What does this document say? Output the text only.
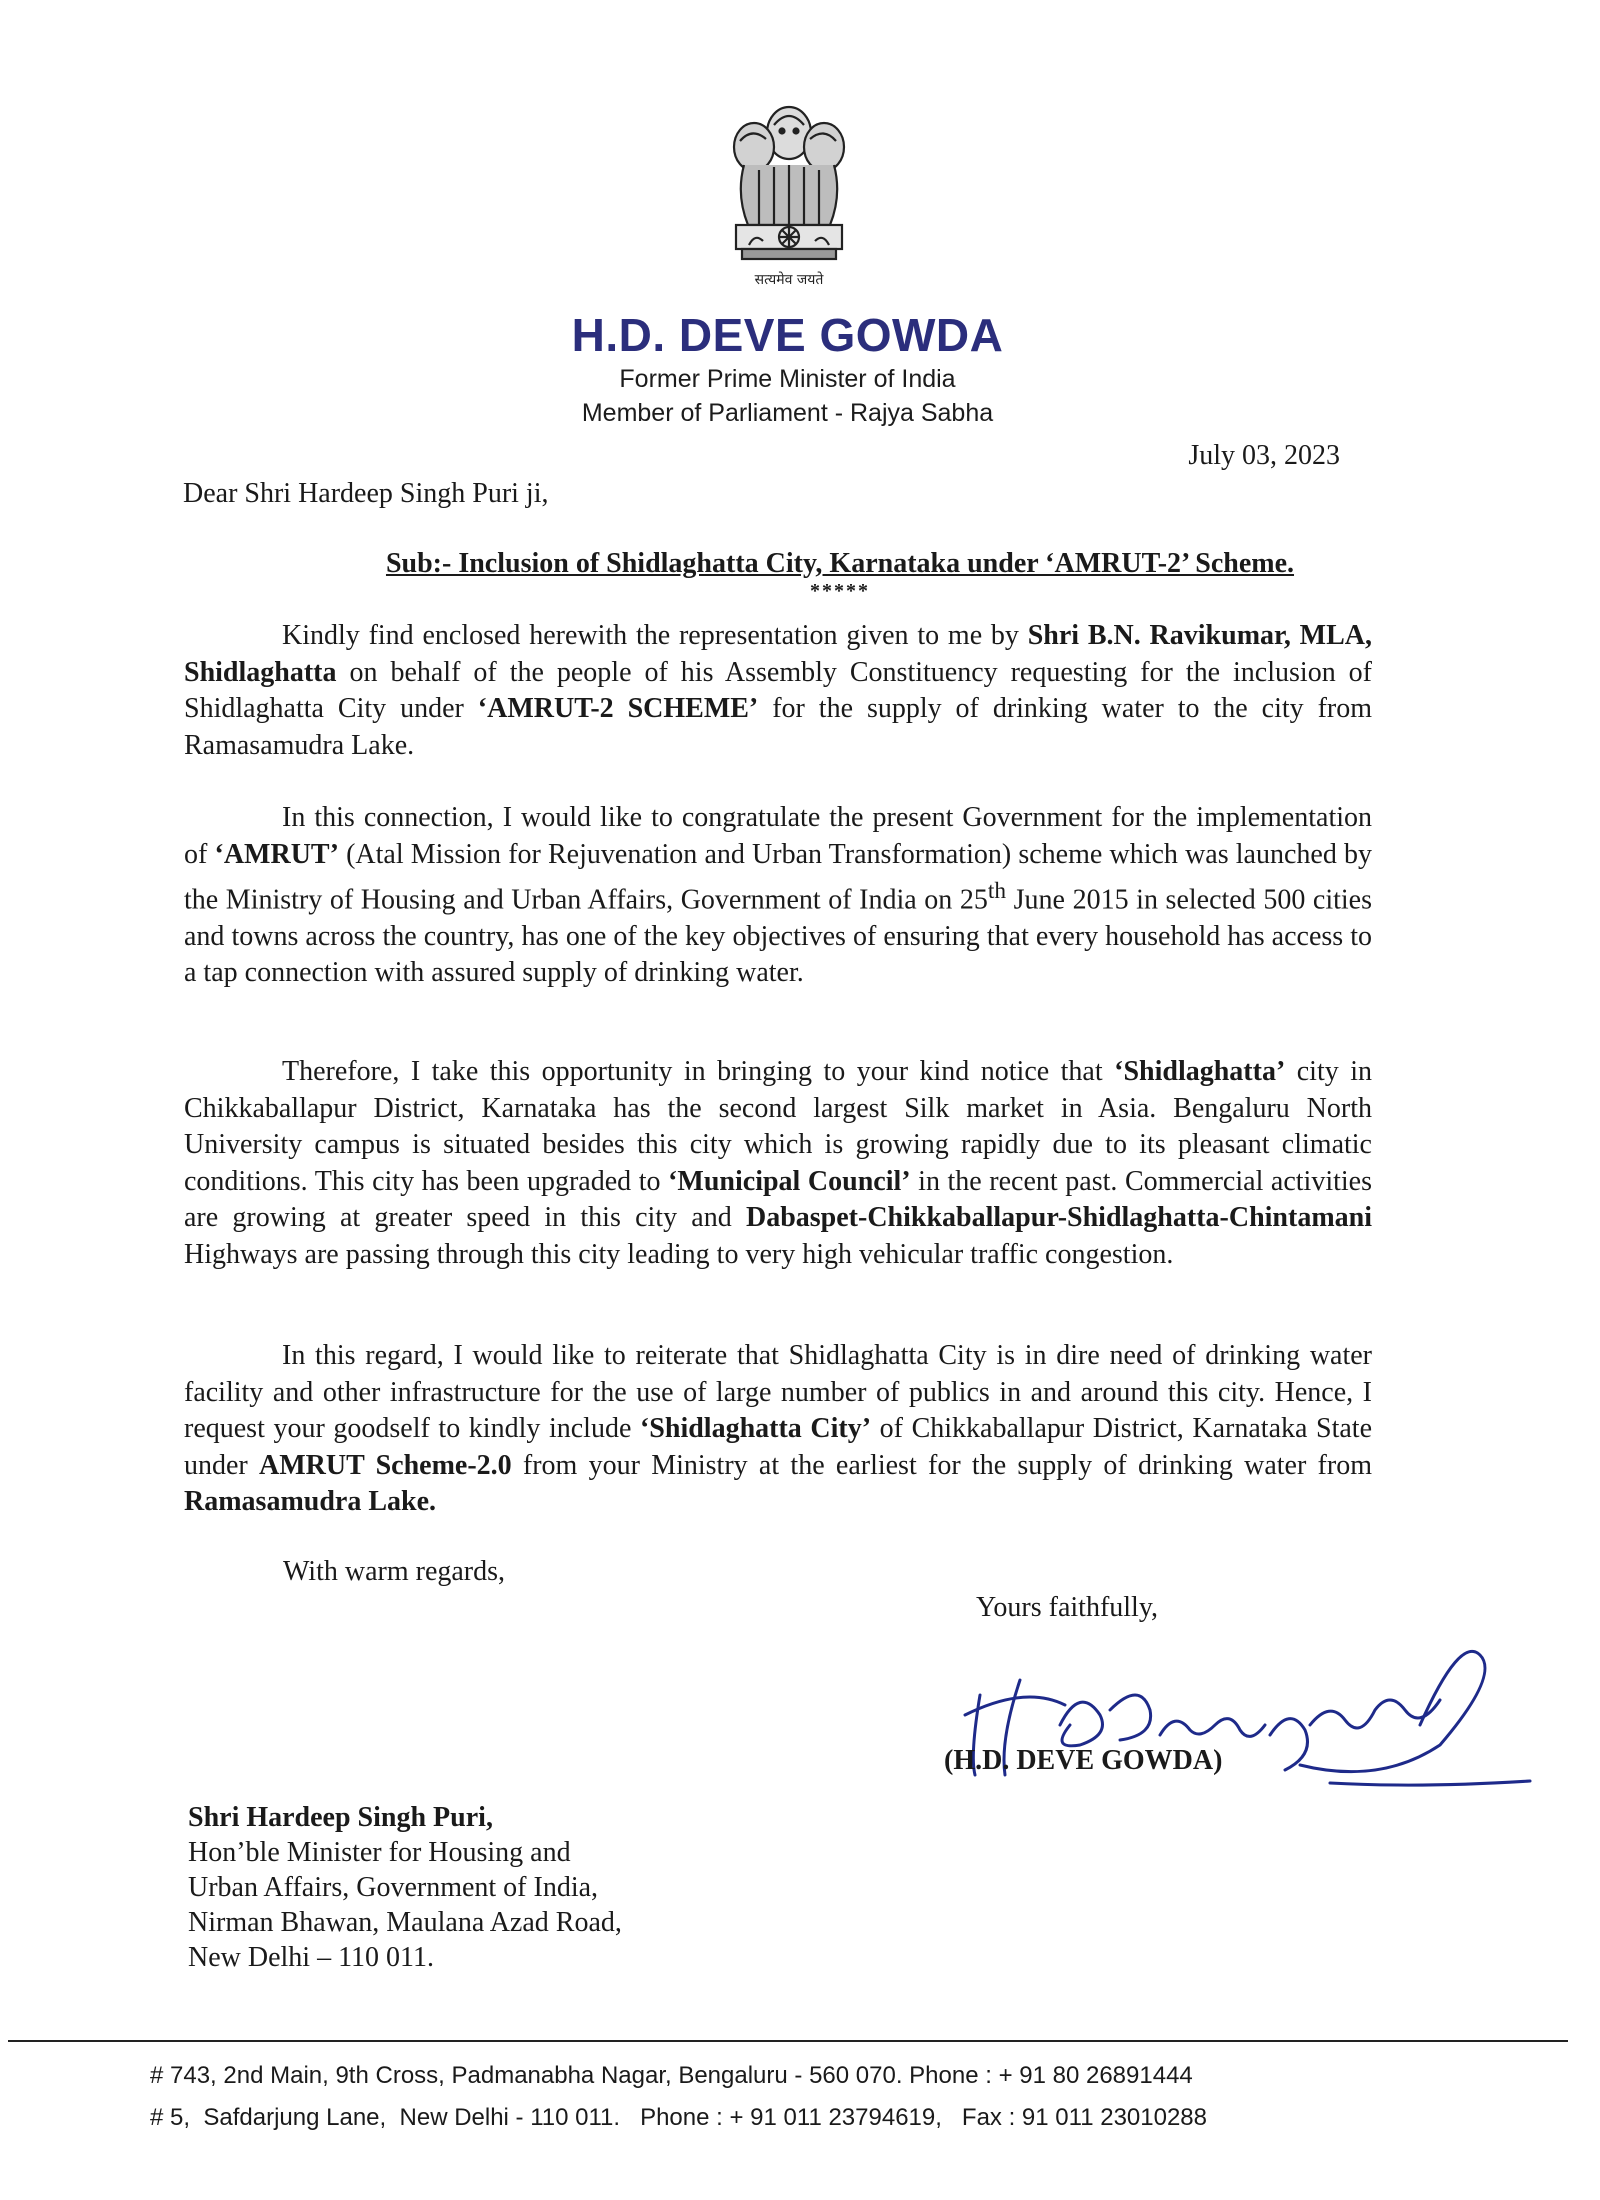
सत्यमेव जयते
H.D. DEVE GOWDA
Former Prime Minister of India
Member of Parliament - Rajya Sabha
July 03, 2023
Dear Shri Hardeep Singh Puri ji,
Sub:- Inclusion of Shidlaghatta City, Karnataka under ‘AMRUT-2’ Scheme.
*****

Kindly find enclosed herewith the representation given to me by Shri B.N. Ravikumar, MLA, Shidlaghatta on behalf of the people of his Assembly Constituency requesting for the inclusion of Shidlaghatta City under ‘AMRUT-2 SCHEME’ for the supply of drinking water to the city from Ramasamudra Lake.

In this connection, I would like to congratulate the present Government for the implementation of ‘AMRUT’ (Atal Mission for Rejuvenation and Urban Transformation) scheme which was launched by the Ministry of Housing and Urban Affairs, Government of India on 25th June 2015 in selected 500 cities and towns across the country, has one of the key objectives of ensuring that every household has access to a tap connection with assured supply of drinking water.

Therefore, I take this opportunity in bringing to your kind notice that ‘Shidlaghatta’ city in Chikkaballapur District, Karnataka has the second largest Silk market in Asia. Bengaluru North University campus is situated besides this city which is growing rapidly due to its pleasant climatic conditions. This city has been upgraded to ‘Municipal Council’ in the recent past. Commercial activities are growing at greater speed in this city and Dabaspet-Chikkaballapur-Shidlaghatta-Chintamani Highways are passing through this city leading to very high vehicular traffic congestion.

In this regard, I would like to reiterate that Shidlaghatta City is in dire need of drinking water facility and other infrastructure for the use of large number of publics in and around this city. Hence, I request your goodself to kindly include ‘Shidlaghatta City’ of Chikkaballapur District, Karnataka State under AMRUT Scheme-2.0 from your Ministry at the earliest for the supply of drinking water from Ramasamudra Lake.

With warm regards,
Yours faithfully,
(H.D. DEVE GOWDA)
Shri Hardeep Singh Puri,
Hon’ble Minister for Housing and
Urban Affairs, Government of India,
Nirman Bhawan, Maulana Azad Road,
New Delhi – 110 011.
# 743, 2nd Main, 9th Cross, Padmanabha Nagar, Bengaluru - 560 070. Phone : + 91 80 26891444
# 5,  Safdarjung Lane,  New Delhi - 110 011.   Phone : + 91 011 23794619,   Fax : 91 011 23010288
